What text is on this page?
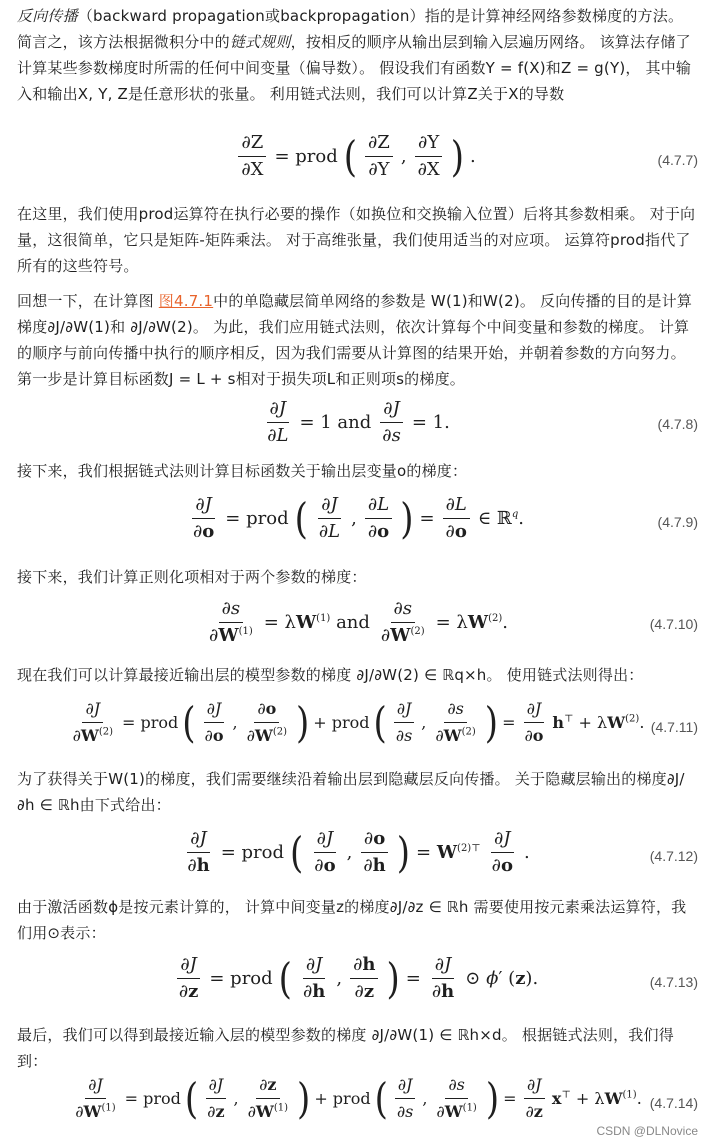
反向传播（backward propagation或backpropagation）指的是计算神经网络参数梯度的方法。简言之，该方法根据微积分中的链式规则，按相反的顺序从输出层到输入层遍历网络。 该算法存储了计算某些参数梯度时所需的任何中间变量（偏导数）。 假设我们有函数Y = f(X)和Z = g(Y)， 其中输入和输出X, Y, Z是任意形状的张量。 利用链式法则，我们可以计算Z关于X的导数

$\frac{\partial Z}{\partial X}$ = prod ( $\frac{\partial Z}{\partial Y}$ , $\frac{\partial Y}{\partial X}$ ) .	(4.7.7)

在这里，我们使用prod运算符在执行必要的操作（如换位和交换输入位置）后将其参数相乘。 对于向量，这很简单，它只是矩阵-矩阵乘法。 对于高维张量，我们使用适当的对应项。 运算符prod指代了所有的这些符号。

回想一下，在计算图 图4.7.1中的单隐藏层简单网络的参数是 W(1)和W(2)。 反向传播的目的是计算梯度∂J/∂W(1)和 ∂J/∂W(2)。 为此，我们应用链式法则，依次计算每个中间变量和参数的梯度。 计算的顺序与前向传播中执行的顺序相反，因为我们需要从计算图的结果开始，并朝着参数的方向努力。第一步是计算目标函数J = L + s相对于损失项L和正则项s的梯度。

$\frac{\partial J}{\partial L} = 1$ and $\frac{\partial J}{\partial s} = 1$.	(4.7.8)

接下来，我们根据链式法则计算目标函数关于输出层变量o的梯度：

$\frac{\partial J}{\partial o}$ = prod ( $\frac{\partial J}{\partial L}$ , $\frac{\partial L}{\partial o}$ ) = $\frac{\partial L}{\partial o}$ ∈ ℝ$^q$.	(4.7.9)

接下来，我们计算正则化项相对于两个参数的梯度：

$\frac{\partial s}{\partial W^{(1)}} = \lambda W^{(1)}$ and $\frac{\partial s}{\partial W^{(2)}} = \lambda W^{(2)}$.	(4.7.10)

现在我们可以计算最接近输出层的模型参数的梯度 ∂J/∂W(2) ∈ ℝq×h。 使用链式法则得出：

$\frac{\partial J}{\partial W^{(2)}}$ = prod ( $\frac{\partial J}{\partial o}$ , $\frac{\partial o}{\partial W^{(2)}}$ ) + prod ( $\frac{\partial J}{\partial s}$ , $\frac{\partial s}{\partial W^{(2)}}$ ) = $\frac{\partial J}{\partial o} h^⊤ + \lambda W^{(2)}$. (4.7.11)

为了获得关于W(1)的梯度，我们需要继续沿着输出层到隐藏层反向传播。 关于隐藏层输出的梯度∂J/∂h ∈ ℝh由下式给出：

$\frac{\partial J}{\partial h}$ = prod ( $\frac{\partial J}{\partial o}$ , $\frac{\partial o}{\partial h}$ ) = $W^{(2)⊤} \frac{\partial J}{\partial o}$ .	(4.7.12)

由于激活函数ϕ是按元素计算的， 计算中间变量z的梯度∂J/∂z ∈ ℝh 需要使用按元素乘法运算符，我们用⊙表示：

$\frac{\partial J}{\partial z}$ = prod ( $\frac{\partial J}{\partial h}$ , $\frac{\partial h}{\partial z}$ ) = $\frac{\partial J}{\partial h}$ ⊙ ϕ′ (z).	(4.7.13)

最后，我们可以得到最接近输入层的模型参数的梯度 ∂J/∂W(1) ∈ ℝh×d。 根据链式法则，我们得到：

$\frac{\partial J}{\partial W^{(1)}}$ = prod ( $\frac{\partial J}{\partial z}$ , $\frac{\partial z}{\partial W^{(1)}}$ ) + prod ( $\frac{\partial J}{\partial s}$ , $\frac{\partial s}{\partial W^{(1)}}$ ) = $\frac{\partial J}{\partial z} x^⊤ + \lambda W^{(1)}$. (4.7.14)
CSDN @DLNovice
